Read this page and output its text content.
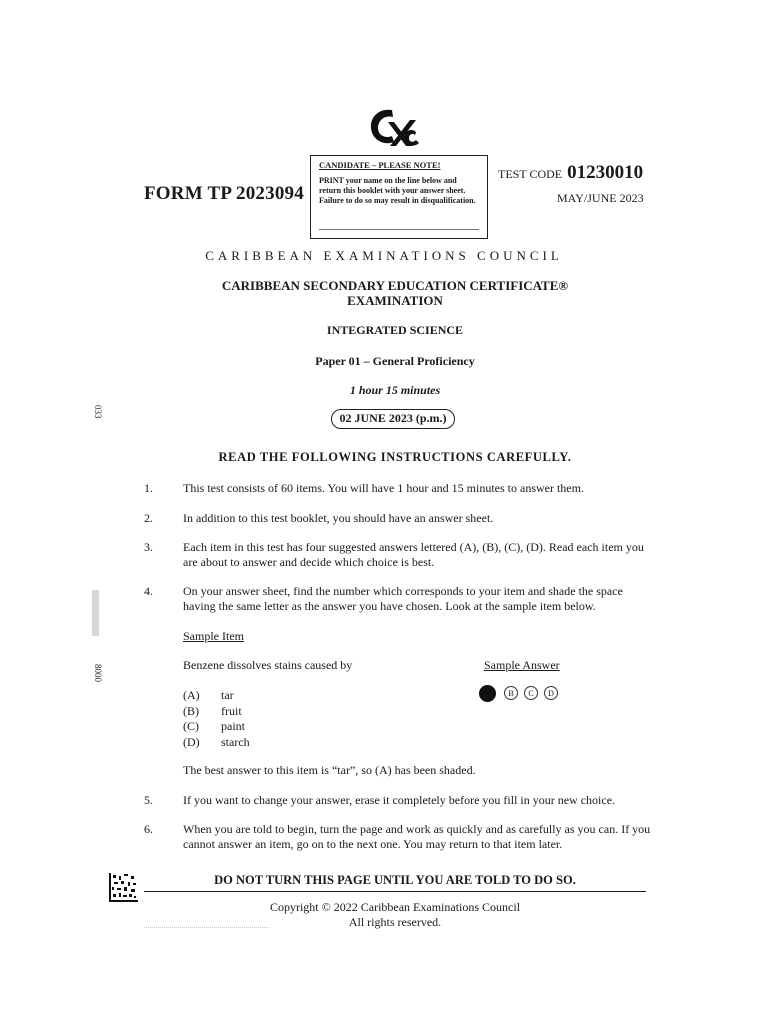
FORM TP 2023094
CANDIDATE – PLEASE NOTE!
PRINT your name on the line below and return this booklet with your answer sheet. Failure to do so may result in disqualification.
TEST CODE 01230010
MAY/JUNE 2023
CARIBBEAN EXAMINATIONS COUNCIL
CARIBBEAN SECONDARY EDUCATION CERTIFICATE®
EXAMINATION
INTEGRATED SCIENCE
Paper 01 – General Proficiency
1 hour 15 minutes
02 JUNE 2023 (p.m.)
READ THE FOLLOWING INSTRUCTIONS CAREFULLY.
1.	This test consists of 60 items. You will have 1 hour and 15 minutes to answer them.
2.	In addition to this test booklet, you should have an answer sheet.
3.	Each item in this test has four suggested answers lettered (A), (B), (C), (D). Read each item you are about to answer and decide which choice is best.
4.	On your answer sheet, find the number which corresponds to your item and shade the space having the same letter as the answer you have chosen. Look at the sample item below.
Sample Item
Benzene dissolves stains caused by	Sample Answer
(A)	tar
(B)	fruit
(C)	paint
(D)	starch
B	C	D
The best answer to this item is “tar”, so (A) has been shaded.
5.	If you want to change your answer, erase it completely before you fill in your new choice.
6.	When you are told to begin, turn the page and work as quickly and as carefully as you can. If you cannot answer an item, go on to the next one. You may return to that item later.
033
8000
DO NOT TURN THIS PAGE UNTIL YOU ARE TOLD TO DO SO.
Copyright © 2022 Caribbean Examinations Council
All rights reserved.
